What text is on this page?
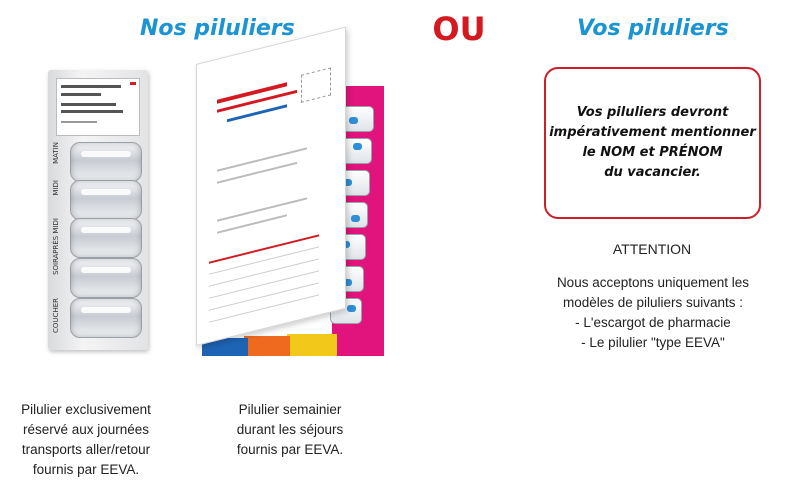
Nos piluliers	OU	Vos piluliers
MATIN
MIDI
APRÈS MIDI
SOIR
COUCHER
Pilulier exclusivement
réservé aux journées
transports aller/retour
fournis par EEVA.
Pilulier semainier
durant les séjours
fournis par EEVA.
Vos piluliers devront
impérativement mentionner
le NOM et PRÉNOM
du vacancier.
ATTENTION
Nous acceptons uniquement les
modèles de piluliers suivants :
- L'escargot de pharmacie
- Le pilulier "type EEVA"
